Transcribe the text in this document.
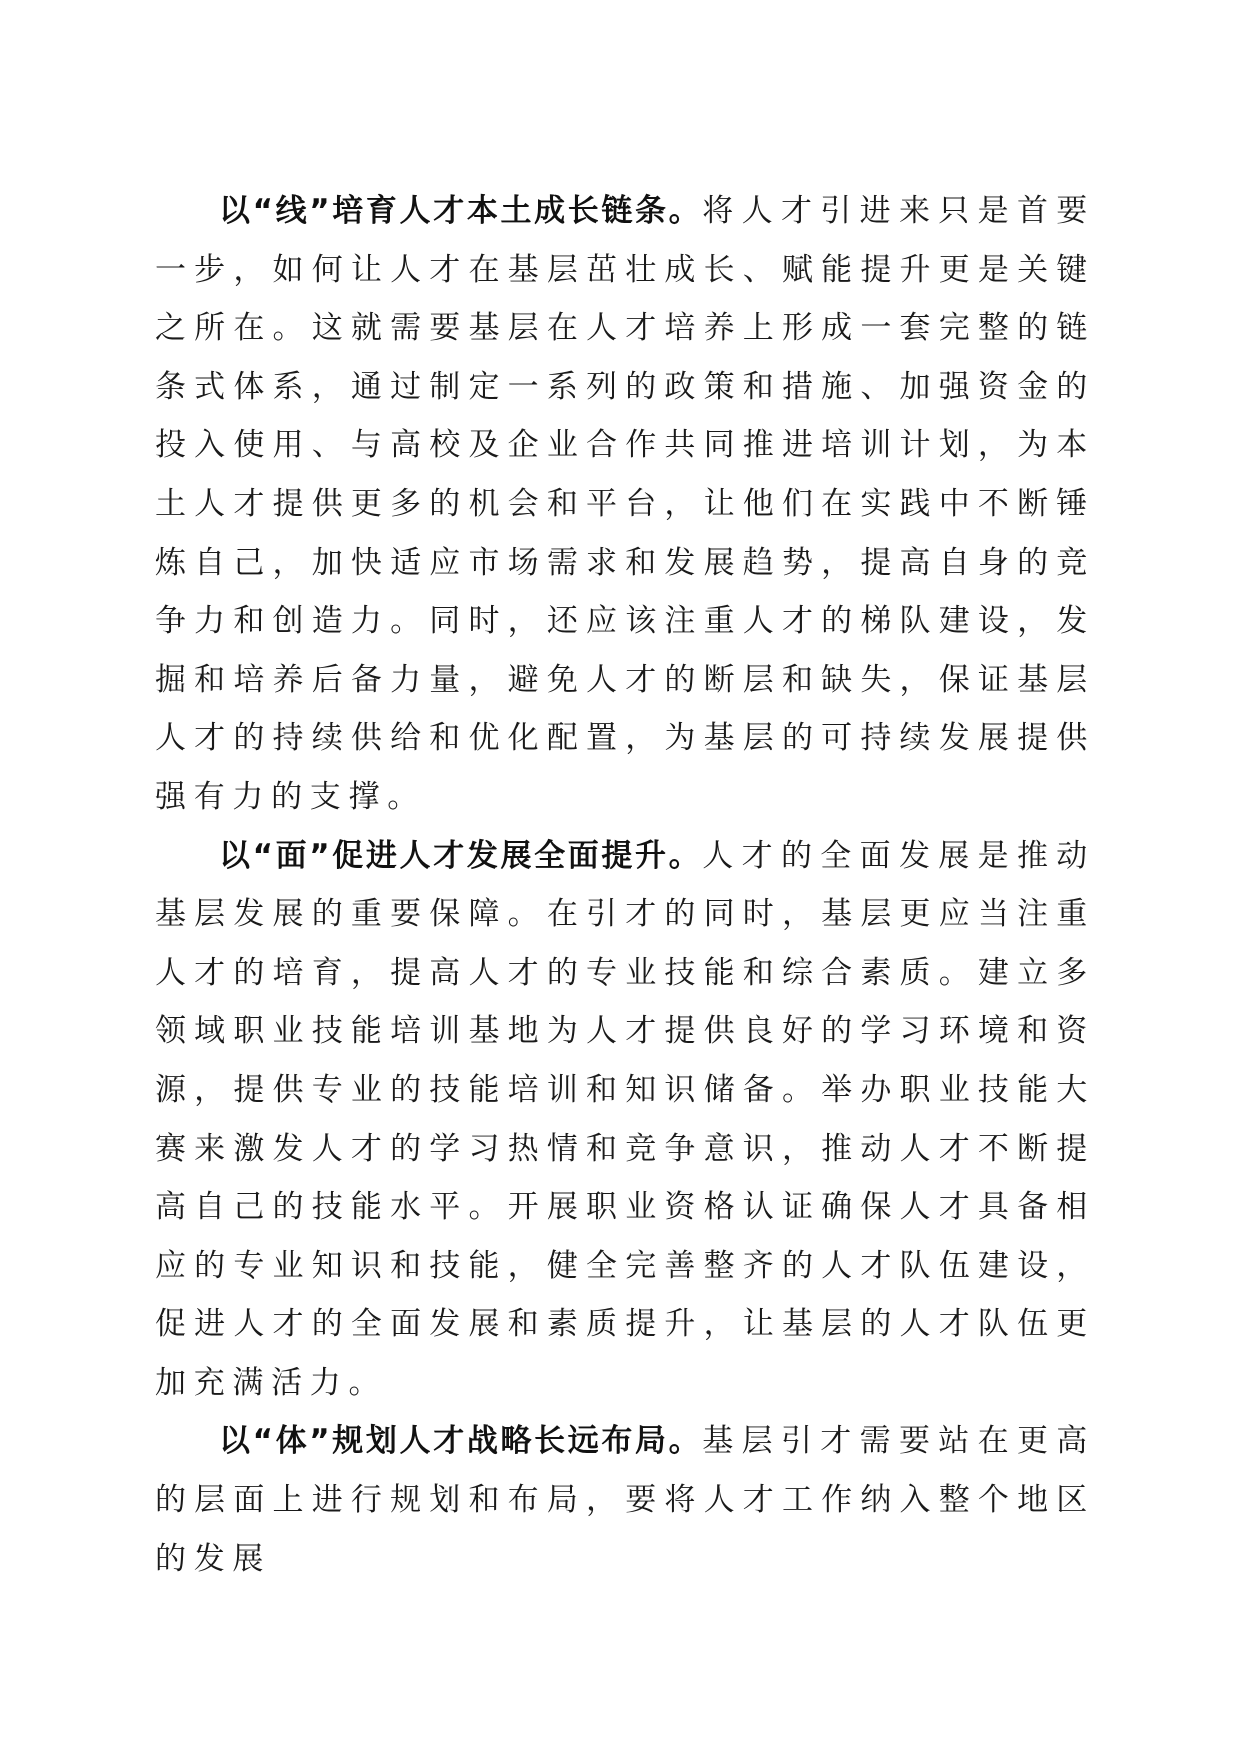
以“线”培育人才本土成长链条。将人才引进来只是首要一步，如何让人才在基层茁壮成长、赋能提升更是关键之所在。这就需要基层在人才培养上形成一套完整的链条式体系，通过制定一系列的政策和措施、加强资金的投入使用、与高校及企业合作共同推进培训计划，为本土人才提供更多的机会和平台，让他们在实践中不断锤炼自己，加快适应市场需求和发展趋势，提高自身的竞争力和创造力。同时，还应该注重人才的梯队建设，发掘和培养后备力量，避免人才的断层和缺失，保证基层人才的持续供给和优化配置，为基层的可持续发展提供强有力的支撑。

以“面”促进人才发展全面提升。人才的全面发展是推动基层发展的重要保障。在引才的同时，基层更应当注重人才的培育，提高人才的专业技能和综合素质。建立多领域职业技能培训基地为人才提供良好的学习环境和资源，提供专业的技能培训和知识储备。举办职业技能大赛来激发人才的学习热情和竞争意识，推动人才不断提高自己的技能水平。开展职业资格认证确保人才具备相应的专业知识和技能，健全完善整齐的人才队伍建设，促进人才的全面发展和素质提升，让基层的人才队伍更加充满活力。

以“体”规划人才战略长远布局。基层引才需要站在更高的层面上进行规划和布局，要将人才工作纳入整个地区的发展
